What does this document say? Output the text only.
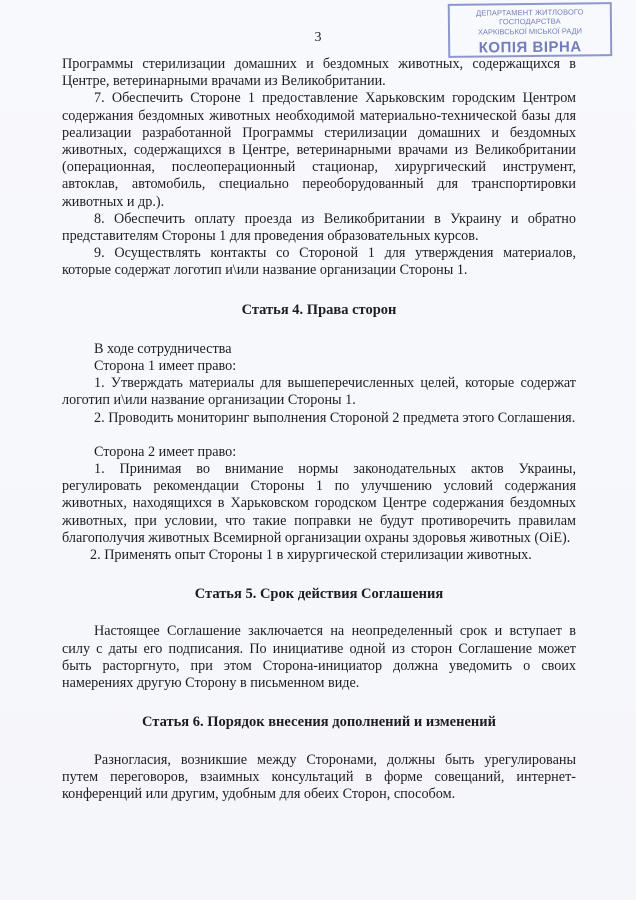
3
ДЕПАРТАМЕНТ ЖИТЛОВОГО ГОСПОДАРСТВА
ХАРКІВСЬКОЇ МІСЬКОЇ РАДИ
КОПІЯ ВІРНА

Программы стерилизации домашних и бездомных животных, содержащихся в Центре, ветеринарными врачами из Великобритании.

7. Обеспечить Стороне 1 предоставление Харьковским городским Центром содержания бездомных животных необходимой материально-технической базы для реализации разработанной Программы стерилизации домашних и бездомных животных, содержащихся в Центре, ветеринарными врачами из Великобритании (операционная, послеоперационный стационар, хирургический инструмент, автоклав, автомобиль, специально переоборудованный для транспортировки животных и др.).

8. Обеспечить оплату проезда из Великобритании в Украину и обратно представителям Стороны 1 для проведения образовательных курсов.

9. Осуществлять контакты со Стороной 1 для утверждения материалов, которые содержат логотип и\или название организации Стороны 1.

Статья 4. Права сторон

В ходе сотрудничества

Сторона 1 имеет право:

1. Утверждать материалы для вышеперечисленных целей, которые содержат логотип и\или название организации Стороны 1.

2. Проводить мониторинг выполнения Стороной 2 предмета этого Соглашения.

Сторона 2 имеет право:

1. Принимая во внимание нормы законодательных актов Украины, регулировать рекомендации Стороны 1 по улучшению условий содержания животных, находящихся в Харьковском городском Центре содержания бездомных животных, при условии, что такие поправки не будут противоречить правилам благополучия животных Всемирной организации охраны здоровья животных (OiE).

2. Применять опыт Стороны 1 в хирургической стерилизации животных.

Статья 5. Срок действия Соглашения

Настоящее Соглашение заключается на неопределенный срок и вступает в силу с даты его подписания. По инициативе одной из сторон Соглашение может быть расторгнуто, при этом Сторона-инициатор должна уведомить о своих намерениях другую Сторону в письменном виде.

Статья 6. Порядок внесения дополнений и изменений

Разногласия, возникшие между Сторонами, должны быть урегулированы путем переговоров, взаимных консультаций в форме совещаний, интернет-конференций или другим, удобным для обеих Сторон, способом.
